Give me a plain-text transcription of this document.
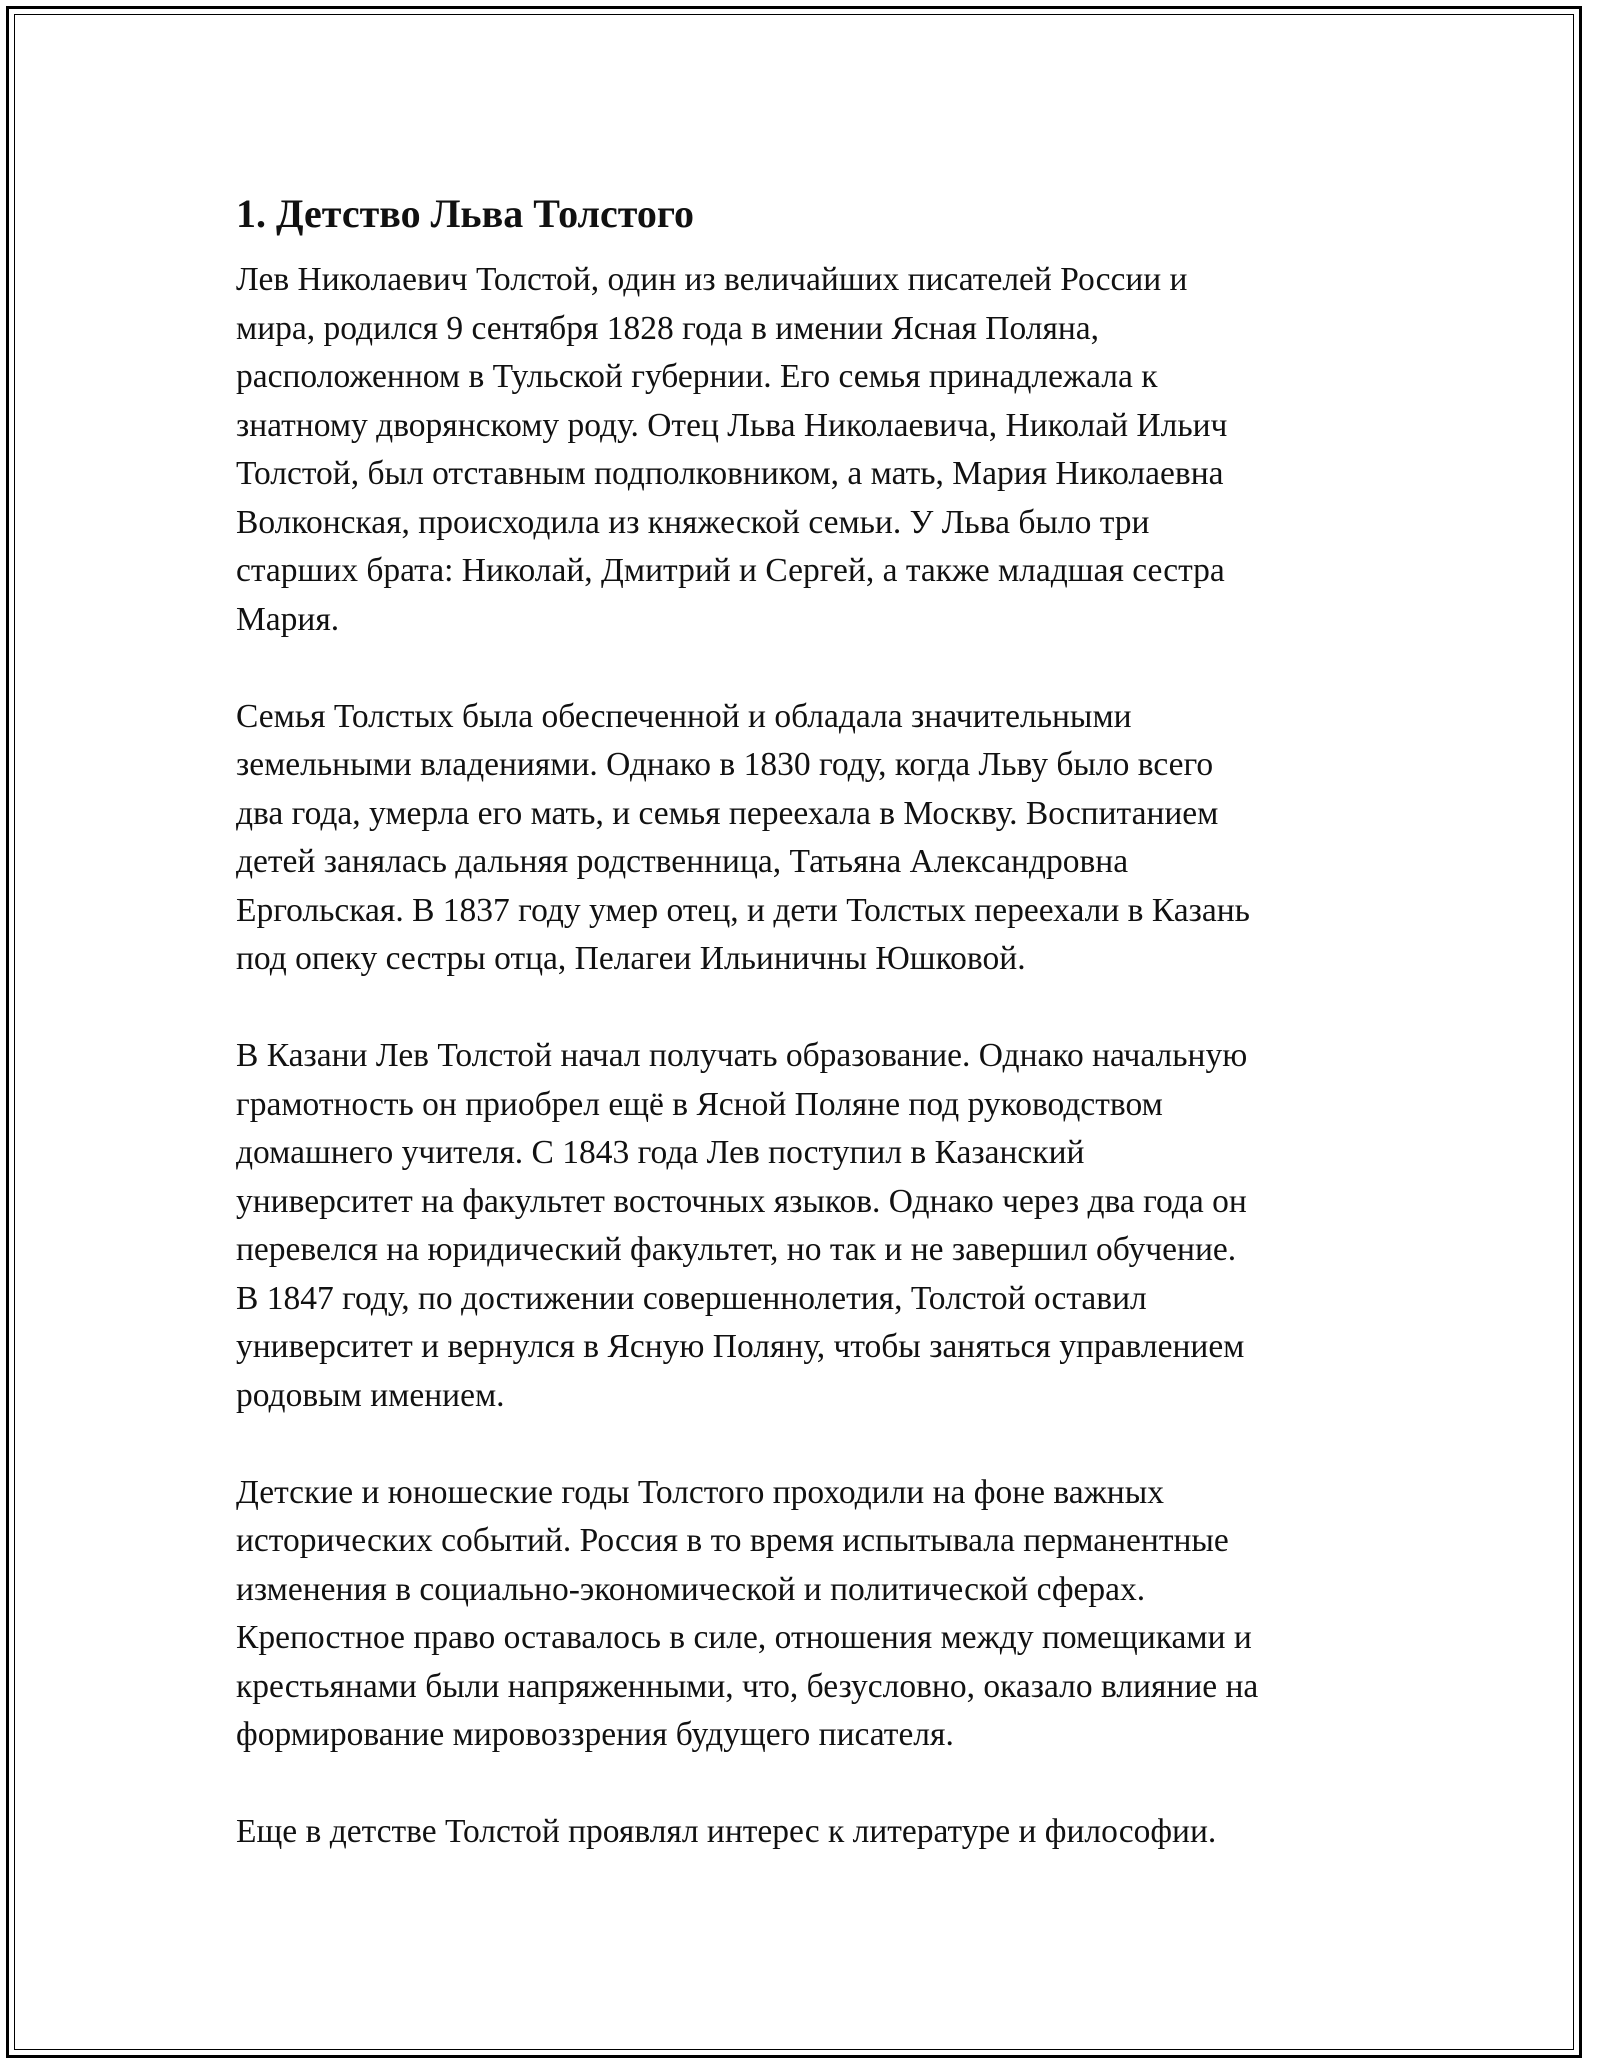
1. Детство Льва Толстого
Лев Николаевич Толстой, один из величайших писателей России и
мира, родился 9 сентября 1828 года в имении Ясная Поляна,
расположенном в Тульской губернии. Его семья принадлежала к
знатному дворянскому роду. Отец Льва Николаевича, Николай Ильич
Толстой, был отставным подполковником, а мать, Мария Николаевна
Волконская, происходила из княжеской семьи. У Льва было три
старших брата: Николай, Дмитрий и Сергей, а также младшая сестра
Мария.
Семья Толстых была обеспеченной и обладала значительными
земельными владениями. Однако в 1830 году, когда Льву было всего
два года, умерла его мать, и семья переехала в Москву. Воспитанием
детей занялась дальняя родственница, Татьяна Александровна
Ергольская. В 1837 году умер отец, и дети Толстых переехали в Казань
под опеку сестры отца, Пелагеи Ильиничны Юшковой.
В Казани Лев Толстой начал получать образование. Однако начальную
грамотность он приобрел ещё в Ясной Поляне под руководством
домашнего учителя. С 1843 года Лев поступил в Казанский
университет на факультет восточных языков. Однако через два года он
перевелся на юридический факультет, но так и не завершил обучение.
В 1847 году, по достижении совершеннолетия, Толстой оставил
университет и вернулся в Ясную Поляну, чтобы заняться управлением
родовым имением.
Детские и юношеские годы Толстого проходили на фоне важных
исторических событий. Россия в то время испытывала перманентные
изменения в социально-экономической и политической сферах.
Крепостное право оставалось в силе, отношения между помещиками и
крестьянами были напряженными, что, безусловно, оказало влияние на
формирование мировоззрения будущего писателя.
Еще в детстве Толстой проявлял интерес к литературе и философии.
